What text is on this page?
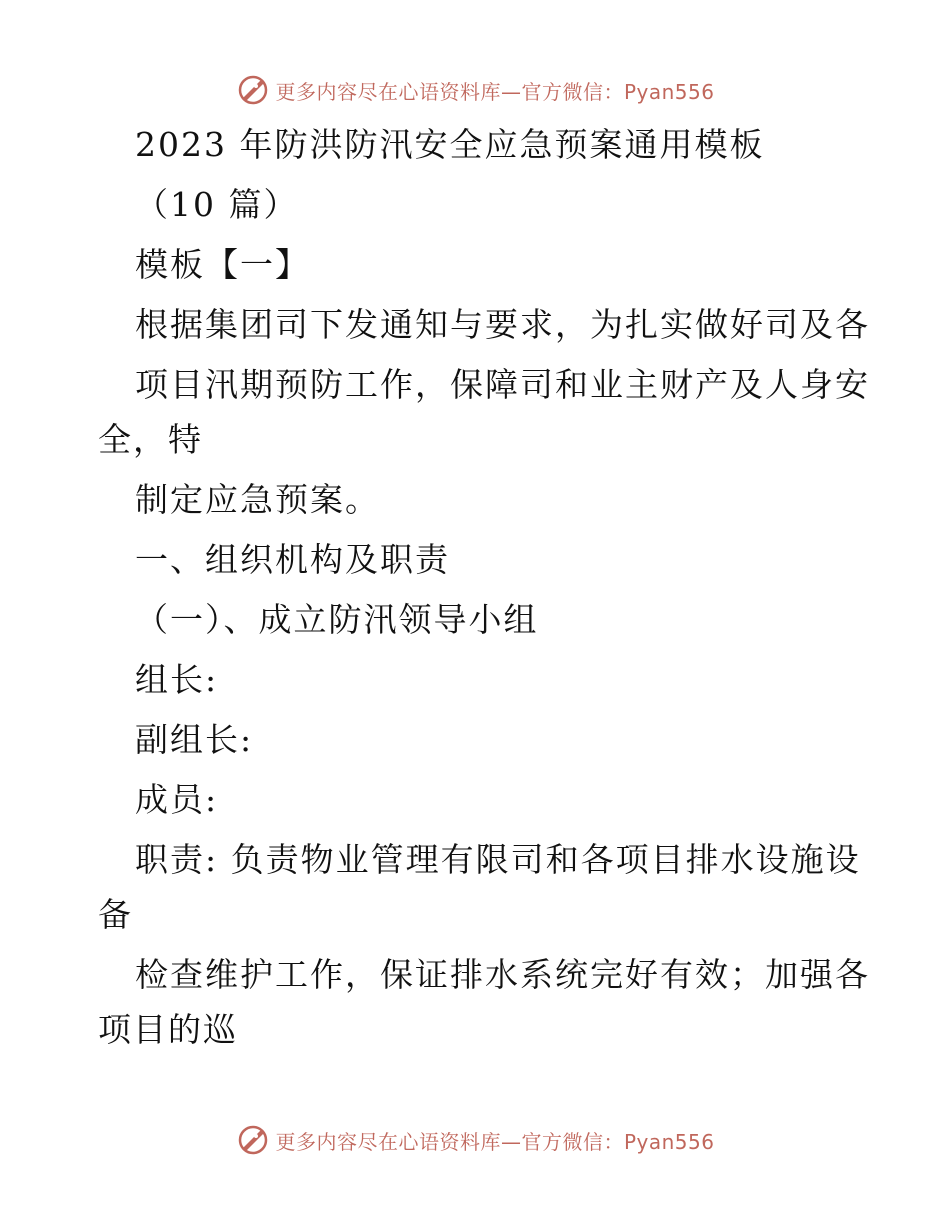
更多内容尽在心语资料库—官方微信：Pyan556
2023 年防洪防汛安全应急预案通用模板
（10 篇）
模板【一】
根据集团司下发通知与要求，为扎实做好司及各
项目汛期预防工作，保障司和业主财产及人身安
全，特
制定应急预案。
一、组织机构及职责
（一）、成立防汛领导小组
组长:
副组长:
成员:
职责: 负责物业管理有限司和各项目排水设施设
备
检查维护工作，保证排水系统完好有效；加强各
项目的巡
更多内容尽在心语资料库—官方微信：Pyan556
